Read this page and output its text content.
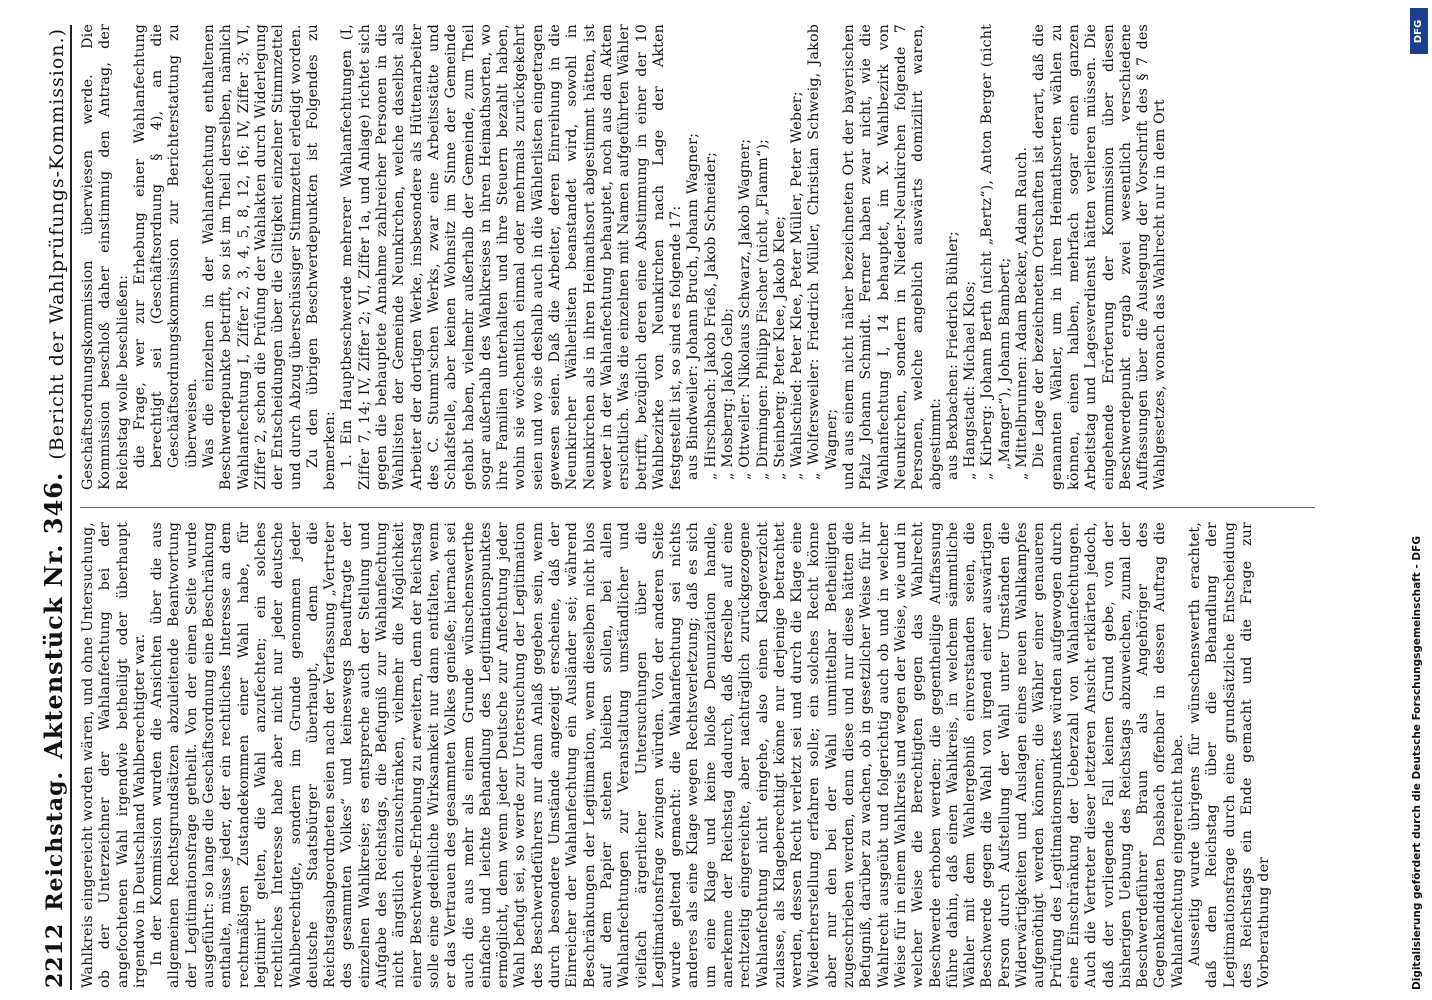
2212
Reichstag.
Aktenstück Nr. 346.
(Bericht der Wahlprüfungs-Kommission.)

Wahlkreis eingereicht worden wären, und ohne Untersuchung, ob der Unterzeichner der Wahlanfechtung bei der angefochtenen Wahl irgendwie betheiligt oder überhaupt irgendwo in Deutschland Wahlberechtigter war. In der Kommission wurden die Ansichten über die aus allgemeinen Rechtsgrundsätzen abzuleitende Beantwortung der Legitimationsfrage getheilt. Von der einen Seite wurde ausgeführt: so lange die Geschäftsordnung eine Beschränkung enthalte, müsse jeder, der ein rechtliches Interesse an dem rechtmäßigen Zustandekommen einer Wahl habe, für legitimirt gelten, die Wahl anzufechten; ein solches rechtliches Interesse habe aber nicht nur jeder deutsche Wahlberechtigte, sondern im Grunde genommen jeder deutsche Staatsbürger überhaupt, denn die Reichstagsabgeordneten seien nach der Verfassung „Vertreter des gesammten Volkes“ und keineswegs Beauftragte der einzelnen Wahlkreise; es entspreche auch der Stellung und Aufgabe des Reichstags, die Befugniß zur Wahlanfechtung nicht ängstlich einzuschränken, vielmehr die Möglichkeit einer Beschwerde-Erhebung zu erweitern, denn der Reichstag solle eine gedeihliche Wirksamkeit nur dann entfalten, wenn er das Vertrauen des gesammten Volkes genieße; hiernach sei auch die aus mehr als einem Grunde wünschenswerthe einfache und leichte Behandlung des Legitimationspunktes ermöglicht, denn wenn jeder Deutsche zur Anfechtung jeder Wahl befugt sei, so werde zur Untersuchung der Legitimation des Beschwerdeführers nur dann Anlaß gegeben sein, wenn durch besondere Umstände angezeigt erscheine, daß der Einreicher der Wahlanfechtung ein Ausländer sei; während Beschränkungen der Legitimation, wenn dieselben nicht blos auf dem Papier stehen bleiben sollen, bei allen Wahlanfechtungen zur Veranstaltung umständlicher und vielfach ärgerlicher Untersuchungen über die Legitimationsfrage zwingen würden. Von der anderen Seite wurde geltend gemacht: die Wahlanfechtung sei nichts anderes als eine Klage wegen Rechtsverletzung; daß es sich um eine Klage und keine bloße Denunziation handle, anerkenne der Reichstag dadurch, daß derselbe auf eine rechtzeitig eingereichte, aber nachträglich zurückgezogene Wahlanfechtung nicht eingehe, also einen Klageverzicht zulasse, als Klageberechtigt könne nur derjenige betrachtet werden, dessen Recht verletzt sei und durch die Klage eine Wiederherstellung erfahren solle; ein solches Recht könne aber nur den bei der Wahl unmittelbar Betheiligten zugeschrieben werden, denn diese und nur diese hätten die Befugniß, darüber zu wachen, ob in gesetzlicher Weise für ihr Wahlrecht ausgeübt und folgerichtig auch ob und in welcher Weise für in einem Wahlkreis und wegen der Weise, wie und in welcher Weise die Berechtigten gegen das Wahlrecht Beschwerde erhoben werden; die gegentheilige Auffassung führe dahin, daß einen Wahlkreis, in welchem sämmtliche Wähler mit dem Wahlergebniß einverstanden seien, die Beschwerde gegen die Wahl von irgend einer auswärtigen Person durch Aufstellung der Wahl unter Umständen die Widerwärtigkeiten und Auslagen eines neuen Wahlkampfes aufgenöthigt werden können; die Wähler einer genaueren Prüfung des Legitimationspunktes würden aufgewogen durch eine Einschränkung der Ueberzahl von Wahlanfechtungen. Auch die Vertreter dieser letzteren Ansicht erklärten jedoch, daß der vorliegende Fall keinen Grund gebe, von der bisherigen Uebung des Reichstags abzuweichen, zumal der Beschwerdeführer Braun als Angehöriger des Gegenkandidaten Dasbach offenbar in dessen Auftrag die Wahlanfechtung eingereicht habe. Ausseitig wurde übrigens für wünschenswerth erachtet, daß den Reichstag über die Behandlung der Legitimationsfrage durch eine grundsätzliche Entscheidung des Reichstags ein Ende gemacht und die Frage zur Vorberathung der

Geschäftsordnungskommission überwiesen werde. Die Kommission beschloß daher einstimmig den Antrag, der Reichstag wolle beschließen: die Frage, wer zur Erhebung einer Wahlanfechtung berechtigt sei (Geschäftsordnung § 4), an die Geschäftsordnungskommission zur Berichterstattung zu überweisen. Was die einzelnen in der Wahlanfechtung enthaltenen Beschwerdepunkte betrifft, so ist im Theil derselben, nämlich Wahlanfechtung I, Ziffer 2, 3, 4, 5, 8, 12, 16; IV, Ziffer 3; VI, Ziffer 2, schon die Prüfung der Wahlakten durch Widerlegung der Entscheidungen über die Giltigkeit einzelner Stimmzettel und durch Abzug überschüssiger Stimmzettel erledigt worden. Zu den übrigen Beschwerdepunkten ist Folgendes zu bemerken: 1. Ein Hauptbeschwerde mehrerer Wahlanfechtungen (I, Ziffer 7, 14; IV, Ziffer 2; VI, Ziffer 1a, und Anlage) richtet sich gegen die behauptete Annahme zahlreicher Personen in die Wahllisten der Gemeinde Neunkirchen, welche daselbst als Arbeiter der dortigen Werke, insbesondere als Hüttenarbeiter des C. Stumm'schen Werks, zwar eine Arbeitsstätte und Schlafstelle, aber keinen Wohnsitz im Sinne der Gemeinde gehabt haben, vielmehr außerhalb der Gemeinde, zum Theil sogar außerhalb des Wahlkreises in ihren Heimathsorten, wo ihre Familien unterhalten und ihre Steuern bezahlt haben, wohin sie wöchentlich einmal oder mehrmals zurückgekehrt seien und wo sie deshalb auch in die Wählerlisten eingetragen gewesen seien. Daß die Arbeiter, deren Einreihung in die Neunkircher Wählerlisten beanstandet wird, sowohl in Neunkirchen als in ihren Heimathsort abgestimmt hätten, ist weder in der Wahlanfechtung behauptet, noch aus den Akten ersichtlich. Was die einzelnen mit Namen aufgeführten Wähler betrifft, bezüglich deren eine Abstimmung in einer der 10 Wahlbezirke von Neunkirchen nach Lage der Akten festgestellt ist, so sind es folgende 17: aus Bindweiler: Johann Bruch, Johann Wagner; „ Hirschbach: Jakob Frieß, Jakob Schneider; „ Mosberg: Jakob Gelb; „ Ottweiler: Nikolaus Schwarz, Jakob Wagner; „ Dirmingen: Philipp Fischer (nicht „Flamm“); „ Steinberg: Peter Klee, Jakob Klee; „ Wahlschied: Peter Klee, Peter Müller, Peter Weber; „ Wolfersweiler: Friedrich Müller, Christian Schweig, Jakob Wagner; und aus einem nicht näher bezeichneten Ort der bayerischen Pfalz Johann Schmidt. Ferner haben zwar nicht, wie die Wahlanfechtung I, 14 behauptet, im X. Wahlbezirk von Neunkirchen, sondern in Nieder-Neunkirchen folgende 7 Personen, welche angeblich auswärts domizilirt waren, abgestimmt: aus Bexbachen: Friedrich Bühler; „ Hangstadt: Michael Klos; „ Kirberg: Johann Berth (nicht „Bertz“), Anton Berger (nicht „Manger“), Johann Bambert; „ Mittelbrunnen: Adam Becker, Adam Rauch. Die Lage der bezeichneten Ortschaften ist derart, daß die genannten Wähler, um in ihren Heimathsorten wählen zu können, einen halben, mehrfach sogar einen ganzen Arbeitstag und Lagesverdienst hätten verlieren müssen. Die eingehende Erörterung der Kommission über diesen Beschwerdepunkt ergab zwei wesentlich verschiedene Auffassungen über die Auslegung der Vorschrift des § 7 des Wahlgesetzes, wonach das Wahlrecht nur in dem Ort

Digitalisierung gefördert durch die Deutsche Forschungsgemeinschaft - DFG
DFG
